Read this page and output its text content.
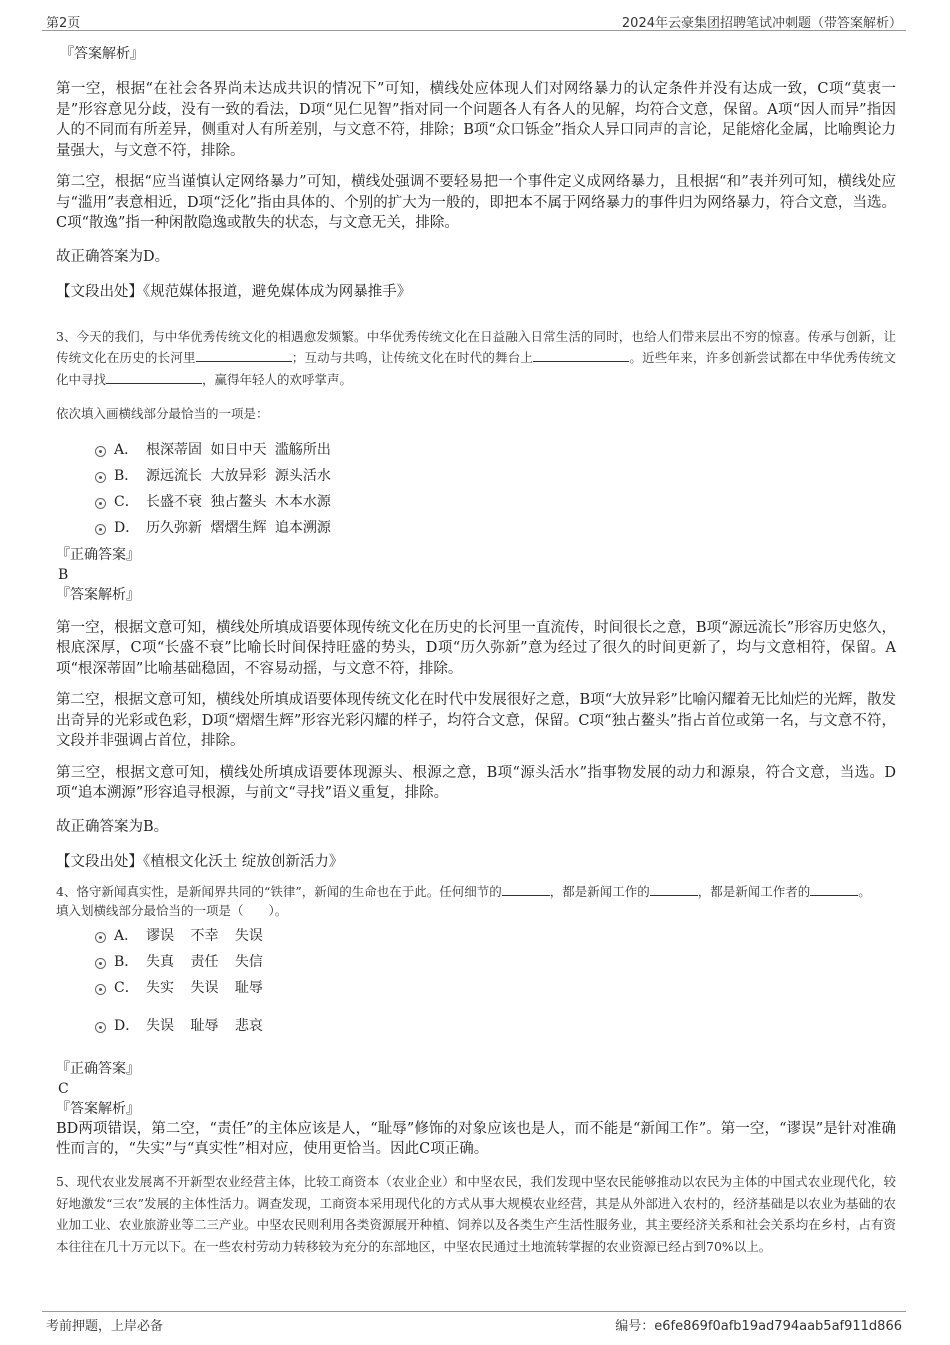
第2页	2024年云豪集团招聘笔试冲刺题（带答案解析）
『答案解析』

第一空，根据“在社会各界尚未达成共识的情况下”可知，横线处应体现人们对网络暴力的认定条件并没有达成一致，C项“莫衷一是”形容意见分歧，没有一致的看法，D项“见仁见智”指对同一个问题各人有各人的见解，均符合文意，保留。A项“因人而异”指因人的不同而有所差异，侧重对人有所差别，与文意不符，排除；B项“众口铄金”指众人异口同声的言论，足能熔化金属，比喻舆论力量强大，与文意不符，排除。

第二空，根据“应当谨慎认定网络暴力”可知，横线处强调不要轻易把一个事件定义成网络暴力，且根据“和”表并列可知，横线处应与“滥用”表意相近，D项“泛化”指由具体的、个别的扩大为一般的，即把本不属于网络暴力的事件归为网络暴力，符合文意，当选。C项“散逸”指一种闲散隐逸或散失的状态，与文意无关，排除。

故正确答案为D。

【文段出处】《规范媒体报道，避免媒体成为网暴推手》

3、今天的我们，与中华优秀传统文化的相遇愈发频繁。中华优秀传统文化在日益融入日常生活的同时，也给人们带来层出不穷的惊喜。传承与创新，让传统文化在历史的长河里	；互动与共鸣，让传统文化在时代的舞台上	。近些年来，许多创新尝试都在中华优秀传统文化中寻找	，赢得年轻人的欢呼掌声。

依次填入画横线部分最恰当的一项是：

A． 根深蒂固 如日中天 滥觞所出
B． 源远流长 大放异彩 源头活水
C． 长盛不衰 独占鳌头 木本水源
D． 历久弥新 熠熠生辉 追本溯源
『正确答案』
B
『答案解析』

第一空，根据文意可知，横线处所填成语要体现传统文化在历史的长河里一直流传，时间很长之意，B项“源远流长”形容历史悠久，根底深厚，C项“长盛不衰”比喻长时间保持旺盛的势头，D项“历久弥新”意为经过了很久的时间更新了，均与文意相符，保留。A项“根深蒂固”比喻基础稳固，不容易动摇，与文意不符，排除。

第二空，根据文意可知，横线处所填成语要体现传统文化在时代中发展很好之意，B项“大放异彩”比喻闪耀着无比灿烂的光辉，散发出奇异的光彩或色彩，D项“熠熠生辉”形容光彩闪耀的样子，均符合文意，保留。C项“独占鳌头”指占首位或第一名，与文意不符，文段并非强调占首位，排除。

第三空，根据文意可知，横线处所填成语要体现源头、根源之意，B项“源头活水”指事物发展的动力和源泉，符合文意，当选。D项“追本溯源”形容追寻根源，与前文“寻找”语义重复，排除。

故正确答案为B。

【文段出处】《植根文化沃土 绽放创新活力》

4、恪守新闻真实性，是新闻界共同的“铁律”，新闻的生命也在于此。任何细节的	，都是新闻工作的	，都是新闻工作者的	。

填入划横线部分最恰当的一项是（　　）。

A． 谬误 不幸 失误
B． 失真 责任 失信
C． 失实 失误 耻辱
D． 失误 耻辱 悲哀
『正确答案』
C
『答案解析』

BD两项错误，第二空，“责任”的主体应该是人，“耻辱”修饰的对象应该也是人，而不能是“新闻工作”。第一空，“谬误”是针对准确性而言的，“失实”与“真实性”相对应，使用更恰当。因此C项正确。

5、现代农业发展离不开新型农业经营主体，比较工商资本（农业企业）和中坚农民，我们发现中坚农民能够推动以农民为主体的中国式农业现代化，较好地激发“三农”发展的主体性活力。调查发现，工商资本采用现代化的方式从事大规模农业经营，其是从外部进入农村的，经济基础是以农业为基础的农业加工业、农业旅游业等二三产业。中坚农民则利用各类资源展开种植、饲养以及各类生产生活性服务业，其主要经济关系和社会关系均在乡村，占有资本往往在几十万元以下。在一些农村劳动力转移较为充分的东部地区，中坚农民通过土地流转掌握的农业资源已经占到70%以上。

考前押题，上岸必备	编号：e6fe869f0afb19ad794aab5af911d866
